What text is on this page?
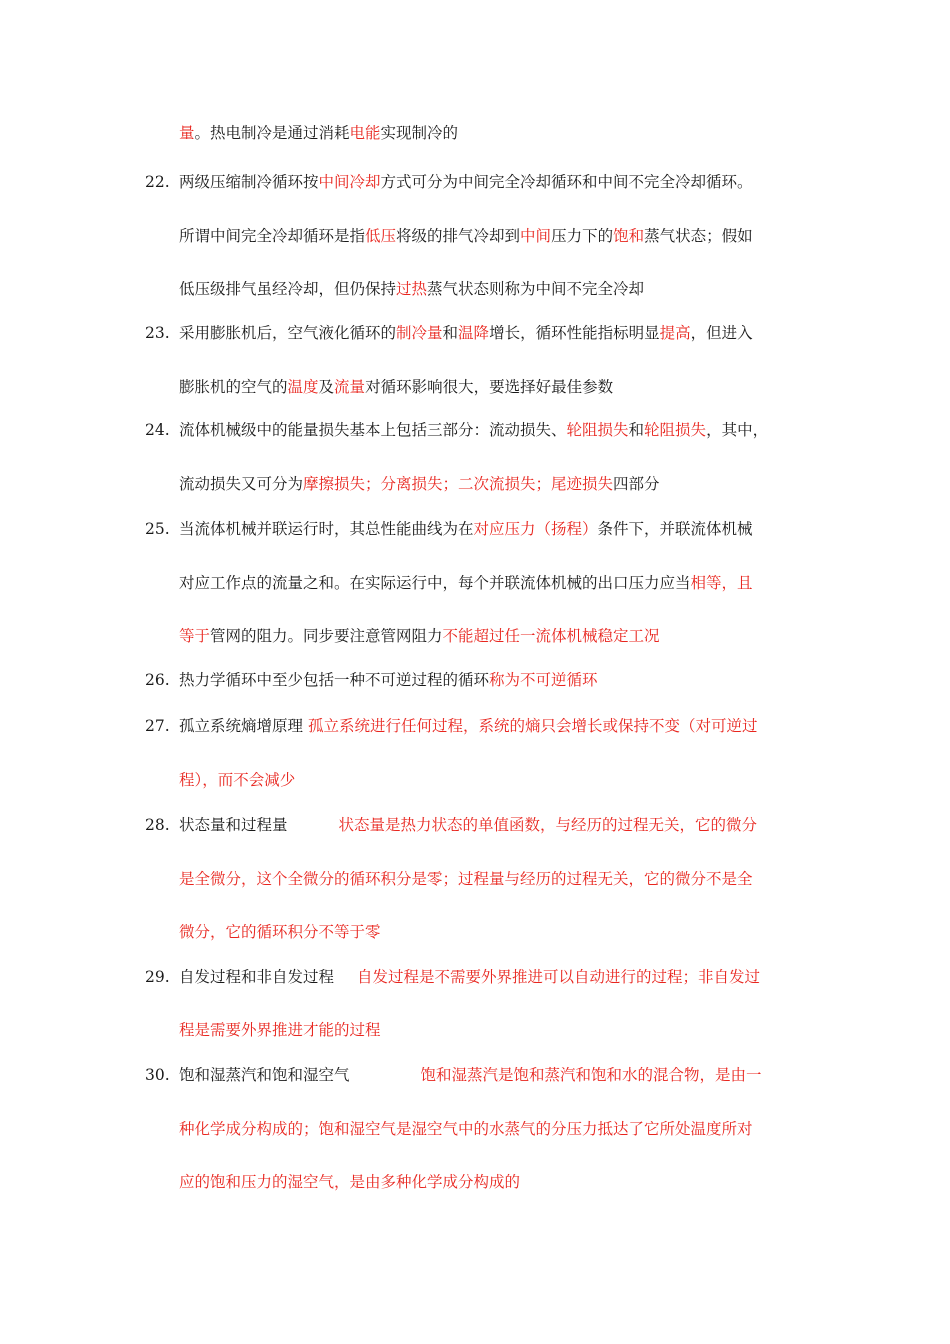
量。热电制冷是通过消耗电能实现制冷的
22. 两级压缩制冷循环按中间冷却方式可分为中间完全冷却循环和中间不完全冷却循环。
所谓中间完全冷却循环是指低压将级的排气冷却到中间压力下的饱和蒸气状态；假如
低压级排气虽经冷却，但仍保持过热蒸气状态则称为中间不完全冷却
23. 采用膨胀机后，空气液化循环的制冷量和温降增长，循环性能指标明显提高，但进入
膨胀机的空气的温度及流量对循环影响很大，要选择好最佳参数
24. 流体机械级中的能量损失基本上包括三部分：流动损失、轮阻损失和轮阻损失，其中，
流动损失又可分为摩擦损失；分离损失；二次流损失；尾迹损失四部分
25. 当流体机械并联运行时，其总性能曲线为在对应压力（扬程）条件下，并联流体机械
对应工作点的流量之和。在实际运行中，每个并联流体机械的出口压力应当相等，且
等于管网的阻力。同步要注意管网阻力不能超过任一流体机械稳定工况
26. 热力学循环中至少包括一种不可逆过程的循环称为不可逆循环
27. 孤立系统熵增原理 孤立系统进行任何过程，系统的熵只会增长或保持不变（对可逆过
程），而不会减少
28. 状态量和过程量	状态量是热力状态的单值函数，与经历的过程无关，它的微分
是全微分，这个全微分的循环积分是零；过程量与经历的过程无关，它的微分不是全
微分，它的循环积分不等于零
29. 自发过程和非自发过程 自发过程是不需要外界推进可以自动进行的过程；非自发过
程是需要外界推进才能的过程
30. 饱和湿蒸汽和饱和湿空气	饱和湿蒸汽是饱和蒸汽和饱和水的混合物，是由一
种化学成分构成的；饱和湿空气是湿空气中的水蒸气的分压力抵达了它所处温度所对
应的饱和压力的湿空气，是由多种化学成分构成的
